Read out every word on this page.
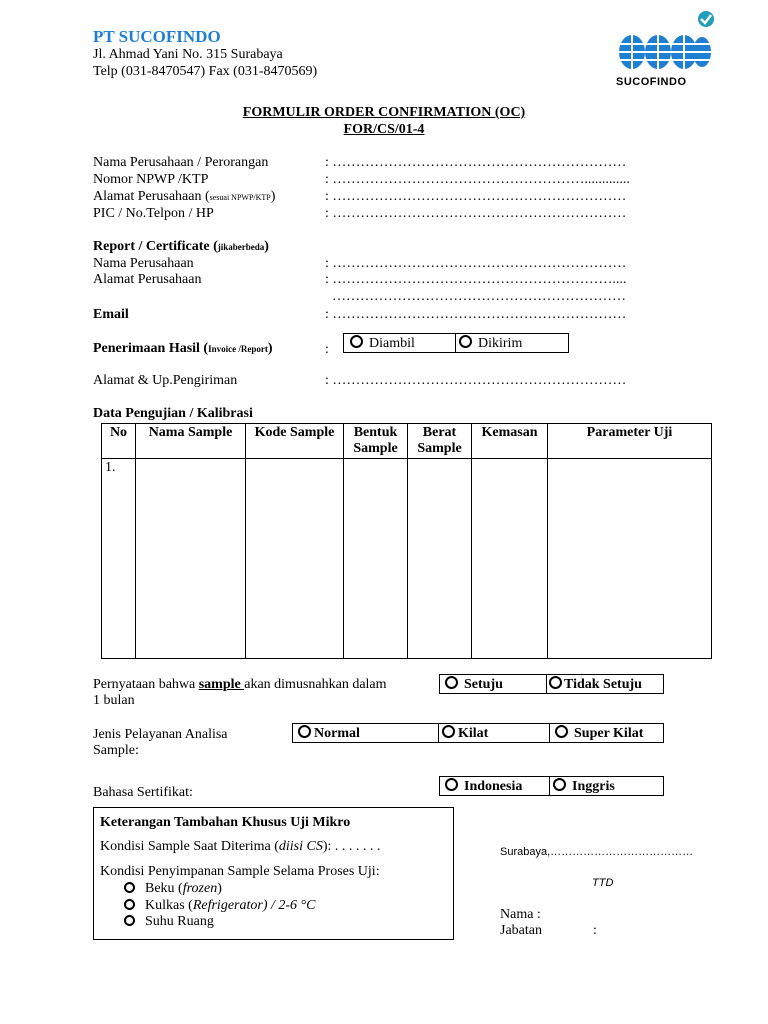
PT SUCOFINDO
Jl. Ahmad Yani No. 315 Surabaya
Telp (031-8470547) Fax (031-8470569)
SUCOFINDO
FORMULIR ORDER CONFIRMATION (OC)
FOR/CS/01-4
Nama Perusahaan / Perorangan	: ………………………………………………………
Nomor NPWP /KTP	: ……………………………………………….............
Alamat Perusahaan (sesuai NPWP/KTP)	: ………………………………………………………
PIC / No.Telpon / HP	: ………………………………………………………
Report / Certificate (jikaberbeda)
Nama Perusahaan	: ………………………………………………………
Alamat Perusahaan	: ……………………………………………………....
………………………………………………………
Email	: ………………………………………………………
Penerimaan Hasil (Invoice /Report)	:	Diambil	Dikirim
Alamat & Up.Pengiriman	: ………………………………………………………
Data Pengujian / Kalibrasi
No	Nama Sample	Kode Sample	Bentuk Sample	Berat Sample	Kemasan	Parameter Uji
1.						
Pernyataan bahwa sample akan dimusnahkan dalam
1 bulan
Setuju	Tidak Setuju
Jenis Pelayanan Analisa
Sample:
Normal	Kilat	Super Kilat
Bahasa Sertifikat:	Indonesia	Inggris
Keterangan Tambahan Khusus Uji Mikro
Kondisi Sample Saat Diterima (diisi CS): . . . . . . .
Kondisi Penyimpanan Sample Selama Proses Uji:
Beku (frozen)
Kulkas (Refrigerator) / 2-6 °C
Suhu Ruang
Surabaya,…………………………………
TTD
Nama :
Jabatan	:
